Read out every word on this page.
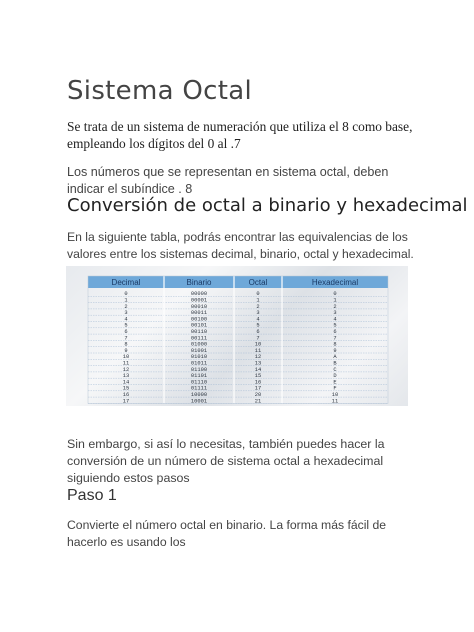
Sistema Octal
Se trata de un sistema de numeración que utiliza el 8 como base, empleando los dígitos del 0 al .7
Los números que se representan en sistema octal, deben indicar el subíndice . 8
Conversión de octal a binario y hexadecimal
En la siguiente tabla, podrás encontrar las equivalencias de los valores entre los sistemas decimal, binario, octal y hexadecimal.
Decimal	Binario	Octal	Hexadecimal
0	00000	0	0
1	00001	1	1
2	00010	2	2
3	00011	3	3
4	00100	4	4
5	00101	5	5
6	00110	6	6
7	00111	7	7
8	01000	10	8
9	01001	11	9
10	01010	12	A
11	01011	13	B
12	01100	14	C
13	01101	15	D
14	01110	16	E
15	01111	17	F
16	10000	20	10
17	10001	21	11
Sin embargo, si así lo necesitas, también puedes hacer la conversión de un número de sistema octal a hexadecimal siguiendo estos pasos
Paso 1
Convierte el número octal en binario. La forma más fácil de hacerlo es usando los
